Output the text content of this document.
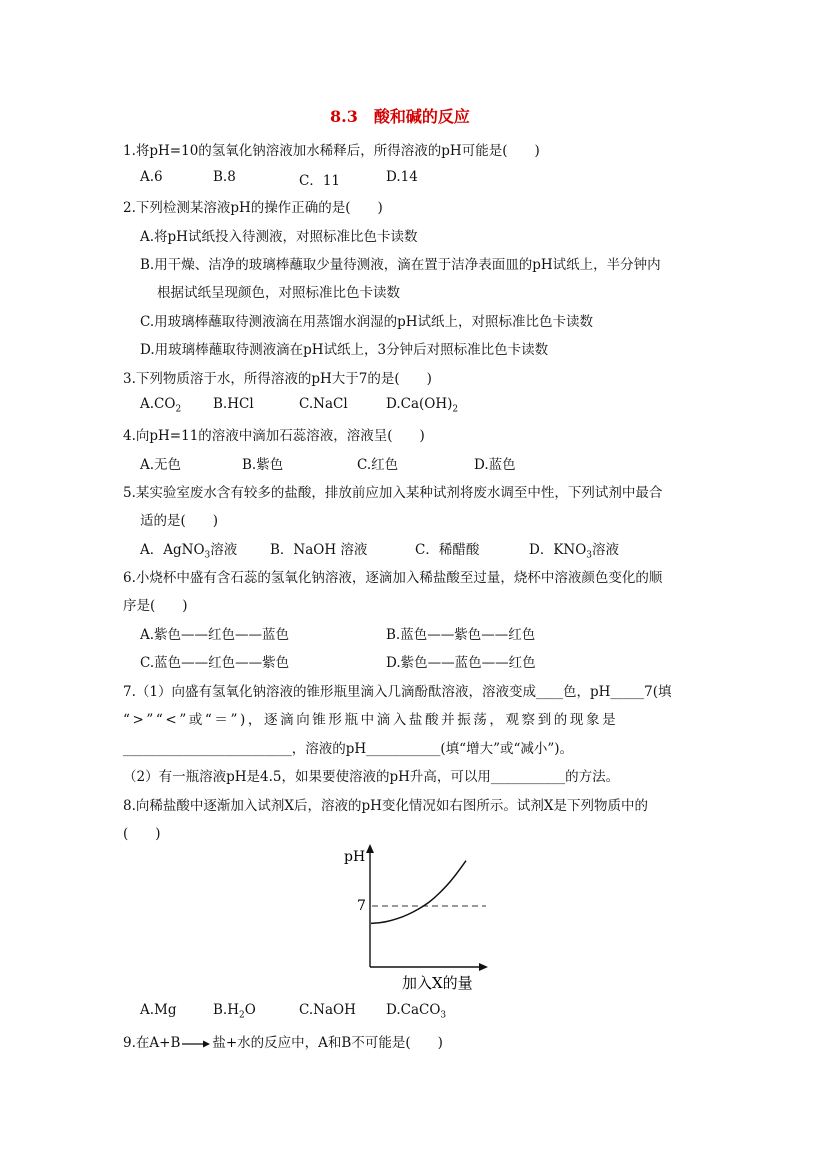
8.3　酸和碱的反应
1.将pH=10的氢氧化钠溶液加水稀释后，所得溶液的pH可能是(　　)
A.6	B.8	C．11	D.14
2.下列检测某溶液pH的操作正确的是(　　)
A.将pH试纸投入待测液，对照标准比色卡读数
B.用干燥、洁净的玻璃棒蘸取少量待测液，滴在置于洁净表面皿的pH试纸上，半分钟内
根据试纸呈现颜色，对照标准比色卡读数
C.用玻璃棒蘸取待测液滴在用蒸馏水润湿的pH试纸上，对照标准比色卡读数
D.用玻璃棒蘸取待测液滴在pH试纸上，3分钟后对照标准比色卡读数
3.下列物质溶于水，所得溶液的pH大于7的是(　　)
$A.CO_2$ B.HCl	C.NaCl	$D.Ca(OH)_2$
4.向pH=11的溶液中滴加石蕊溶液，溶液呈(　　)
A.无色	B.紫色	C.红色	D.蓝色
5.某实验室废水含有较多的盐酸，排放前应加入某种试剂将废水调至中性，下列试剂中最合
适的是(　　)
A．AgNO$_3$溶液 B．NaOH 溶液	C．稀醋酸	D．$KNO_3$溶液
6.小烧杯中盛有含石蕊的氢氧化钠溶液，逐滴加入稀盐酸至过量，烧杯中溶液颜色变化的顺
序是(　　)
A.紫色——红色——蓝色	B.蓝色——紫色——红色
C.蓝色——红色——紫色	D.紫色——蓝色——红色
7.（1）向盛有氢氧化钠溶液的锥形瓶里滴入几滴酚酞溶液，溶液变成____色，pH_____7(填
“>”“<”或“＝”)，逐滴向锥形瓶中滴入盐酸并振荡，观察到的现象是
_________________________，溶液的pH___________(填“增大”或“减小”)。
（2）有一瓶溶液pH是4.5，如果要使溶液的pH升高，可以用___________的方法。
8.向稀盐酸中逐渐加入试剂X后，溶液的pH变化情况如右图所示。试剂X是下列物质中的
(　　)
pH
加入X的量
7
A.Mg	$B.H_2O$	C.NaOH D.CaCO$_3$
9.在A+B 盐+水的反应中，A和B不可能是(　　)
